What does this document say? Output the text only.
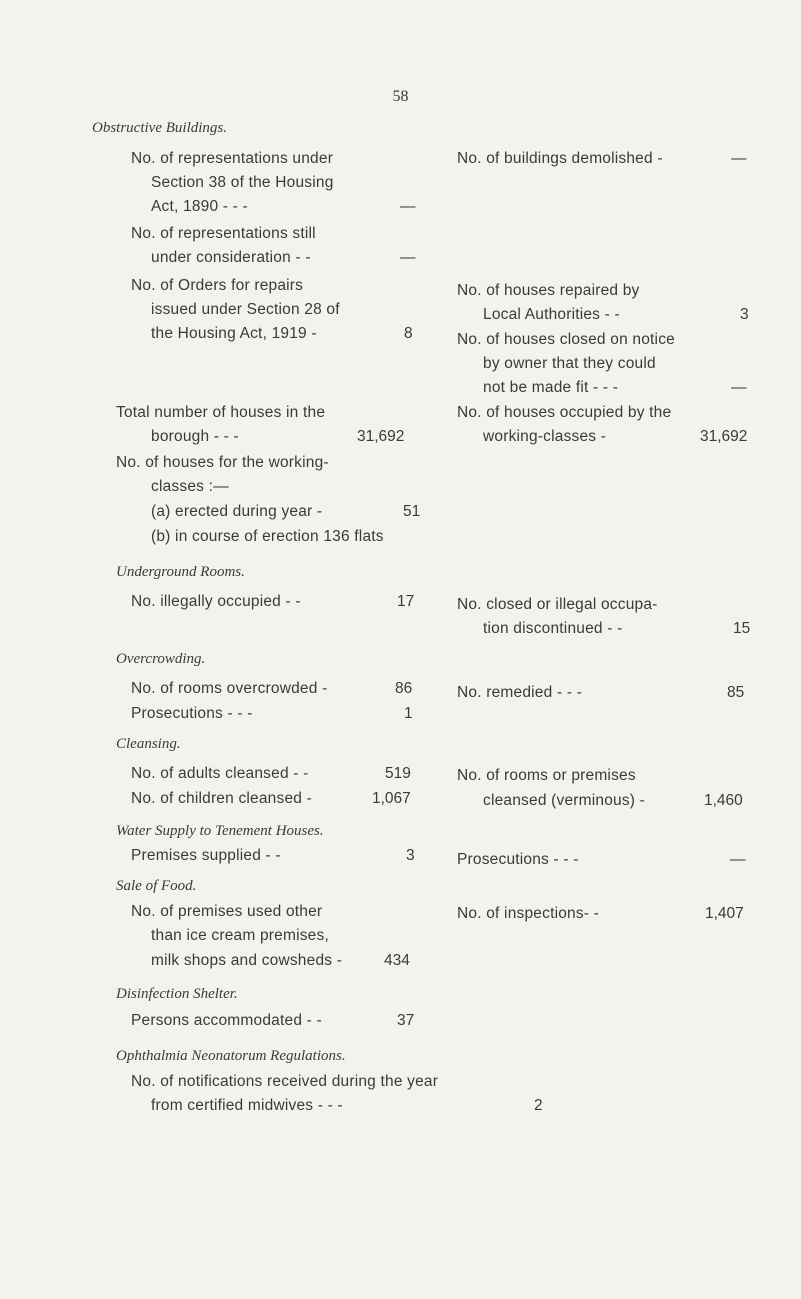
58
Obstructive Buildings.
No. of representations under
Section 38 of the Housing
Act, 1890 - - -	—
No. of representations still
under consideration - -	—
No. of Orders for repairs
issued under Section 28 of
the Housing Act, 1919 -	8
No. of buildings demolished -	—
No. of houses repaired by
Local Authorities - -	3
No. of houses closed on notice
by owner that they could
not be made fit - - -	—
Total number of houses in the
borough - - -	31,692
No. of houses for the working-
classes :—
(a) erected during year -	51
(b) in course of erection 136 flats
No. of houses occupied by the
working-classes -	31,692
Underground Rooms.
No. illegally occupied - -	17	No. closed or illegal occupa-
tion discontinued - -	15
Overcrowding.
No. of rooms overcrowded -	86
Prosecutions - - -	1
No. remedied - - -	85
Cleansing.
No. of adults cleansed - -	519
No. of children cleansed -	1,067
No. of rooms or premises
cleansed (verminous) -	1,460
Water Supply to Tenement Houses.
Premises supplied - -	3	Prosecutions - - -	—
Sale of Food.
No. of premises used other
than ice cream premises,
milk shops and cowsheds -	434
No. of inspections- -	1,407
Disinfection Shelter.
Persons accommodated - -	37
Ophthalmia Neonatorum Regulations.
No. of notifications received during the year
from certified midwives - - -	2
